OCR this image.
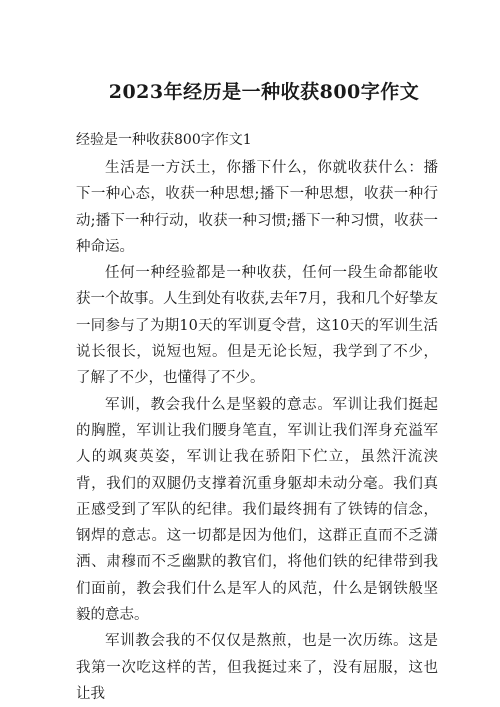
2023年经历是一种收获800字作文
经验是一种收获800字作文1

生活是一方沃土，你播下什么，你就收获什么：播下一种心态，收获一种思想;播下一种思想，收获一种行动;播下一种行动，收获一种习惯;播下一种习惯，收获一种命运。

任何一种经验都是一种收获，任何一段生命都能收获一个故事。人生到处有收获,去年7月，我和几个好挚友一同参与了为期10天的军训夏令营，这10天的军训生活说长很长，说短也短。但是无论长短，我学到了不少，了解了不少，也懂得了不少。

军训，教会我什么是坚毅的意志。军训让我们挺起的胸膛，军训让我们腰身笔直，军训让我们浑身充溢军人的飒爽英姿，军训让我在骄阳下伫立，虽然汗流浃背，我们的双腿仍支撑着沉重身躯却未动分毫。我们真正感受到了军队的纪律。我们最终拥有了铁铸的信念，钢焊的意志。这一切都是因为他们，这群正直而不乏潇洒、肃穆而不乏幽默的教官们，将他们铁的纪律带到我们面前，教会我们什么是军人的风范，什么是钢铁般坚毅的意志。

军训教会我的不仅仅是熬煎，也是一次历练。这是我第一次吃这样的苦，但我挺过来了，没有屈服，这也让我
